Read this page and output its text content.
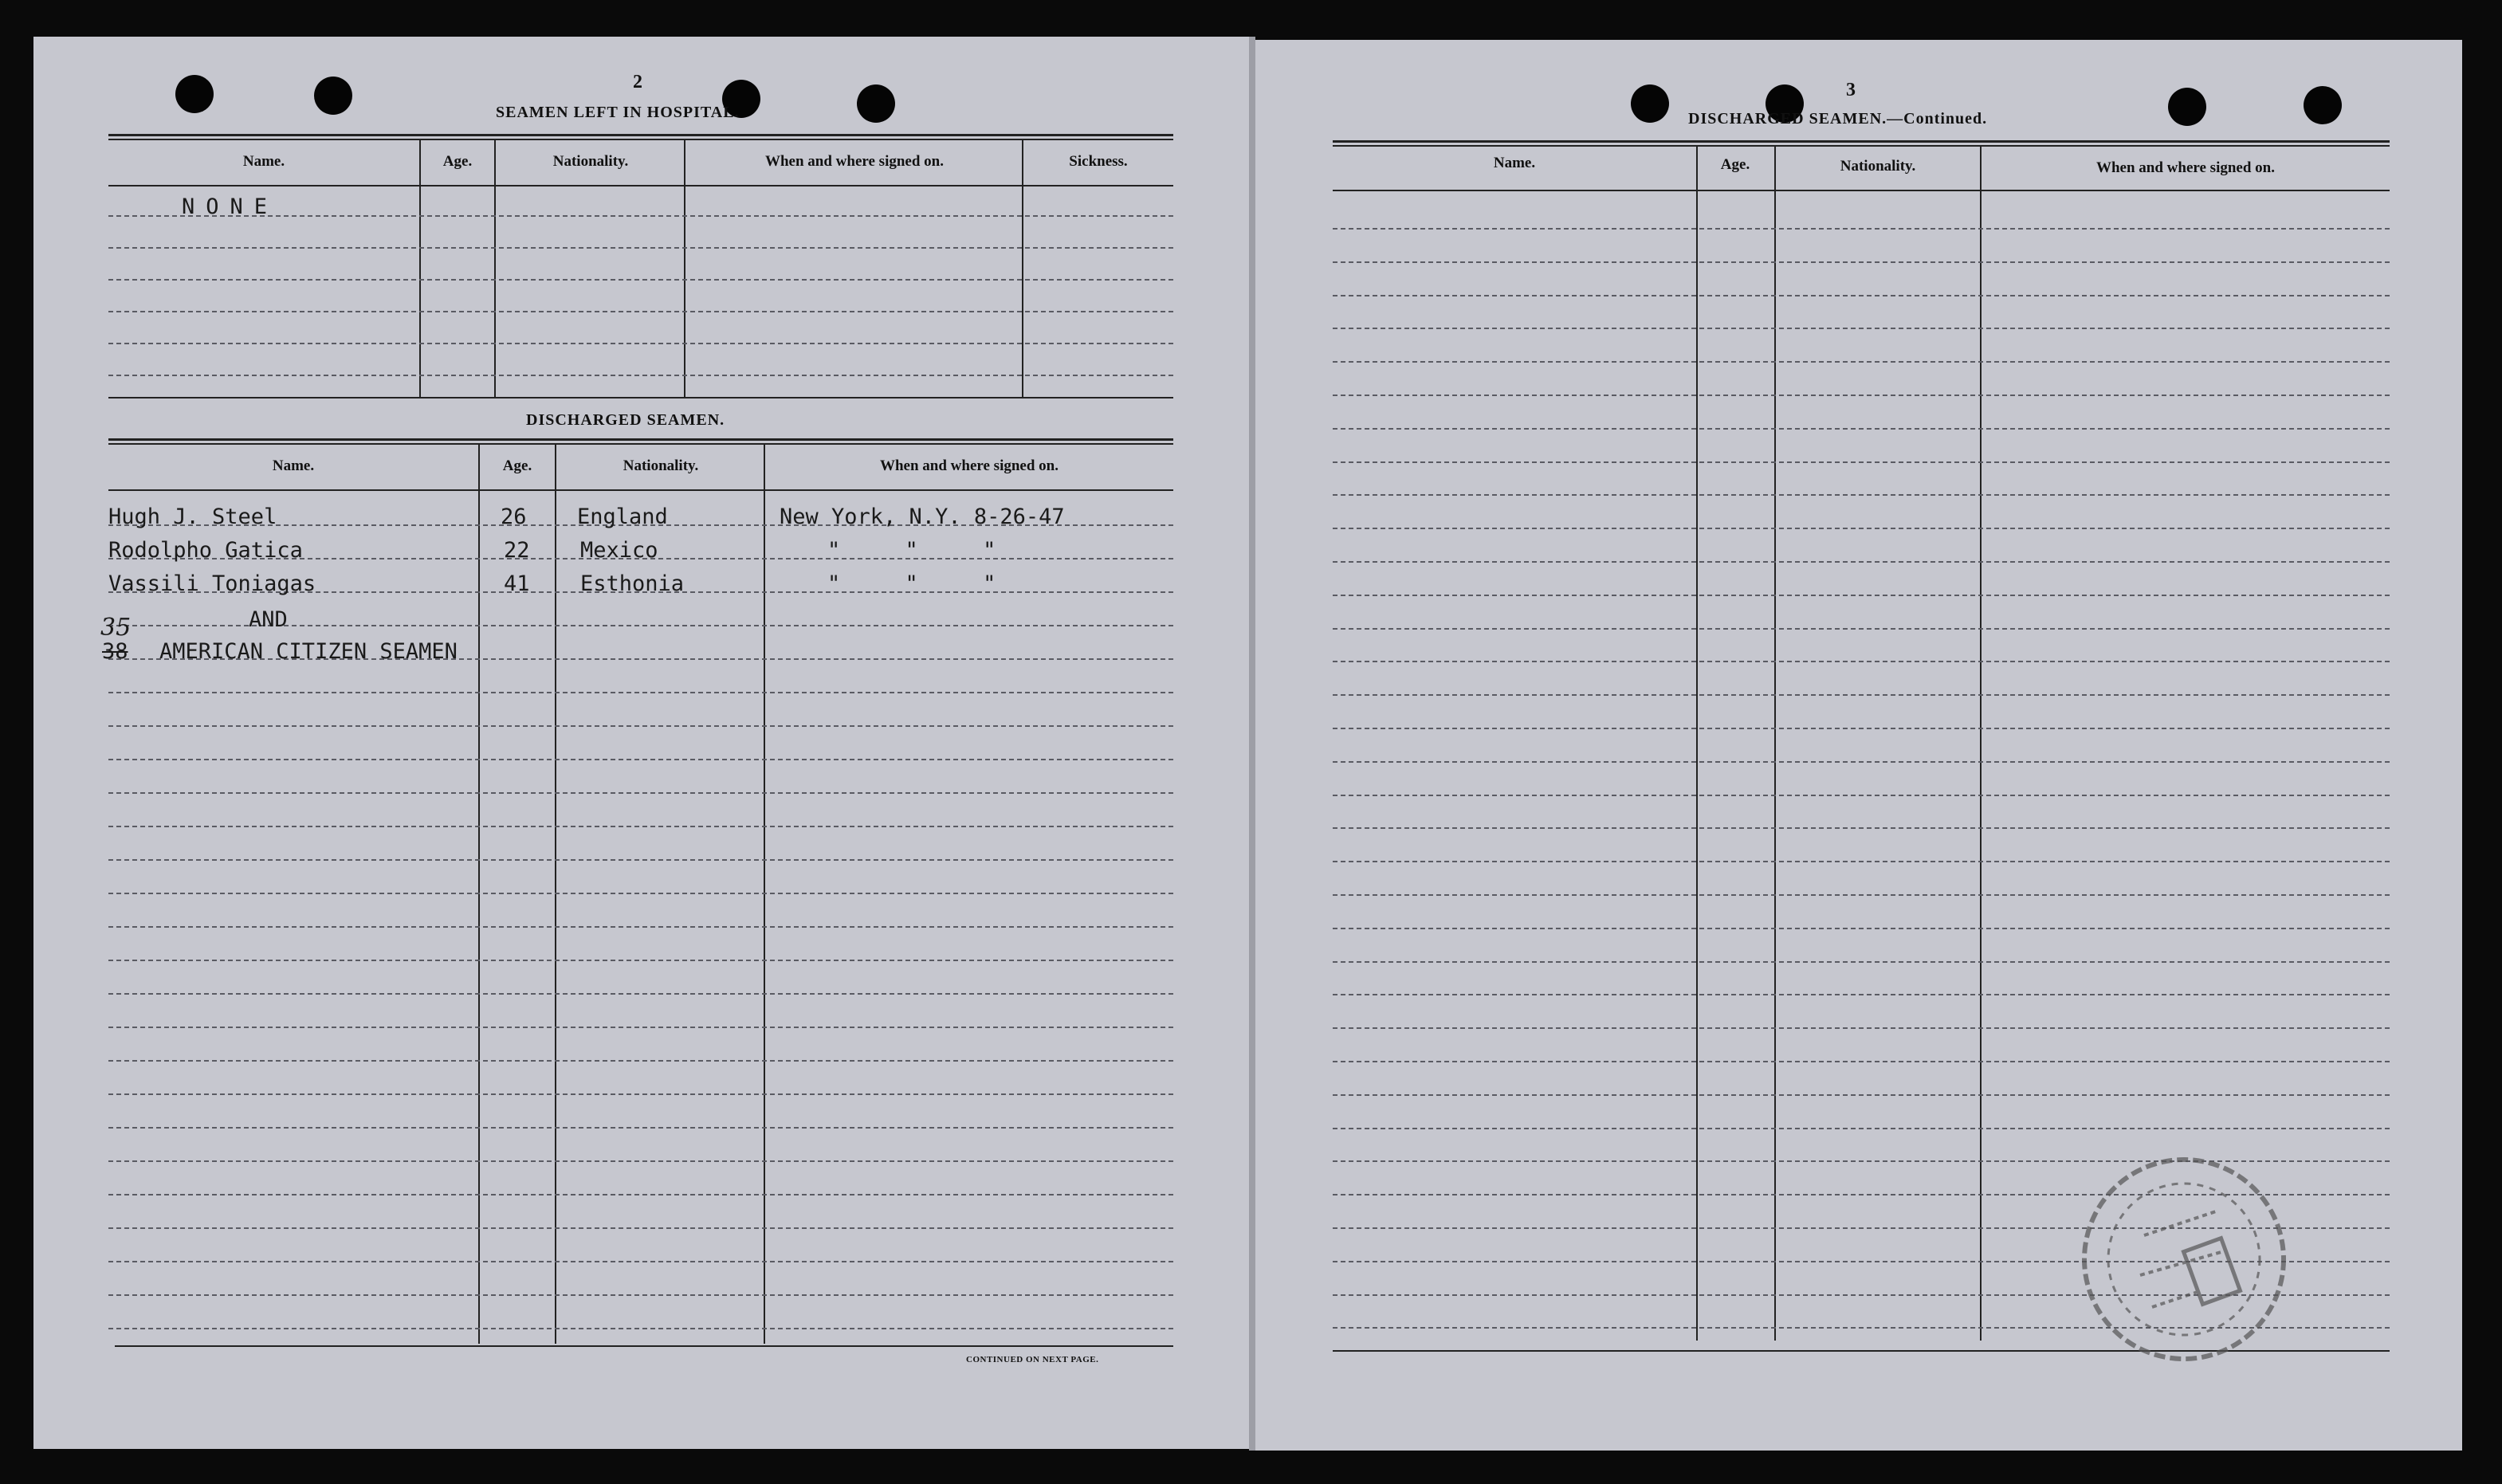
2
SEAMEN LEFT IN HOSPITAL.
Name.	Age.	Nationality.	When and where signed on.	Sickness.
NONE
DISCHARGED SEAMEN.
Name.	Age.	Nationality.	When and where signed on.
Hugh J. Steel	26 England	New York, N.Y. 8-26-47
Rodolpho Gatica	22 Mexico	"     "     "
Vassili Toniagas	41 Esthonia	"     "     "
AND
38
35
AMERICAN CITIZEN SEAMEN
CONTINUED ON NEXT PAGE.
3
DISCHARGED SEAMEN.—Continued.
Name.	Age.	Nationality.	When and where signed on.
